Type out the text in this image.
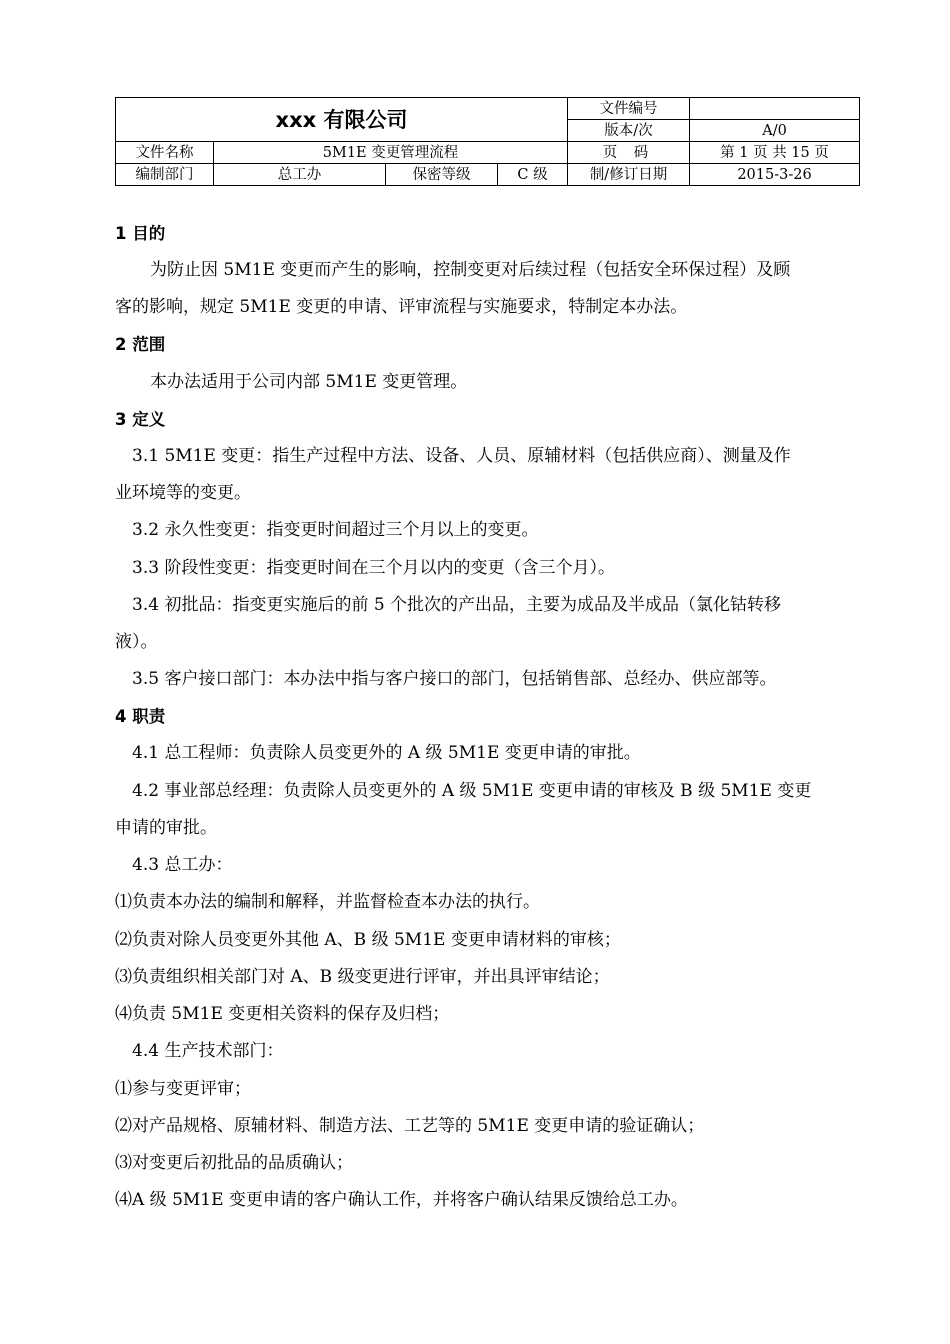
xxx 有限公司				文件编号	
				版本/次	A/0
文件名称	5M1E 变更管理流程			页 码	第 1 页 共 15 页
编制部门	总工办	保密等级	C 级	制/修订日期	2015-3-26
1 目的
为防止因 5M1E 变更而产生的影响，控制变更对后续过程（包括安全环保过程）及顾
客的影响，规定 5M1E 变更的申请、评审流程与实施要求，特制定本办法。
2 范围
本办法适用于公司内部 5M1E 变更管理。
3 定义
3.1 5M1E 变更：指生产过程中方法、设备、人员、原辅材料（包括供应商）、测量及作
业环境等的变更。
3.2 永久性变更：指变更时间超过三个月以上的变更。
3.3 阶段性变更：指变更时间在三个月以内的变更（含三个月）。
3.4 初批品：指变更实施后的前 5 个批次的产出品，主要为成品及半成品（氯化钴转移
液）。
3.5 客户接口部门：本办法中指与客户接口的部门，包括销售部、总经办、供应部等。
4 职责
4.1 总工程师：负责除人员变更外的 A 级 5M1E 变更申请的审批。
4.2 事业部总经理：负责除人员变更外的 A 级 5M1E 变更申请的审核及 B 级 5M1E 变更
申请的审批。
4.3 总工办：
⑴负责本办法的编制和解释，并监督检查本办法的执行。
⑵负责对除人员变更外其他 A、B 级 5M1E 变更申请材料的审核；
⑶负责组织相关部门对 A、B 级变更进行评审，并出具评审结论；
⑷负责 5M1E 变更相关资料的保存及归档；
4.4 生产技术部门：
⑴参与变更评审；
⑵对产品规格、原辅材料、制造方法、工艺等的 5M1E 变更申请的验证确认；
⑶对变更后初批品的品质确认；
⑷A 级 5M1E 变更申请的客户确认工作，并将客户确认结果反馈给总工办。
